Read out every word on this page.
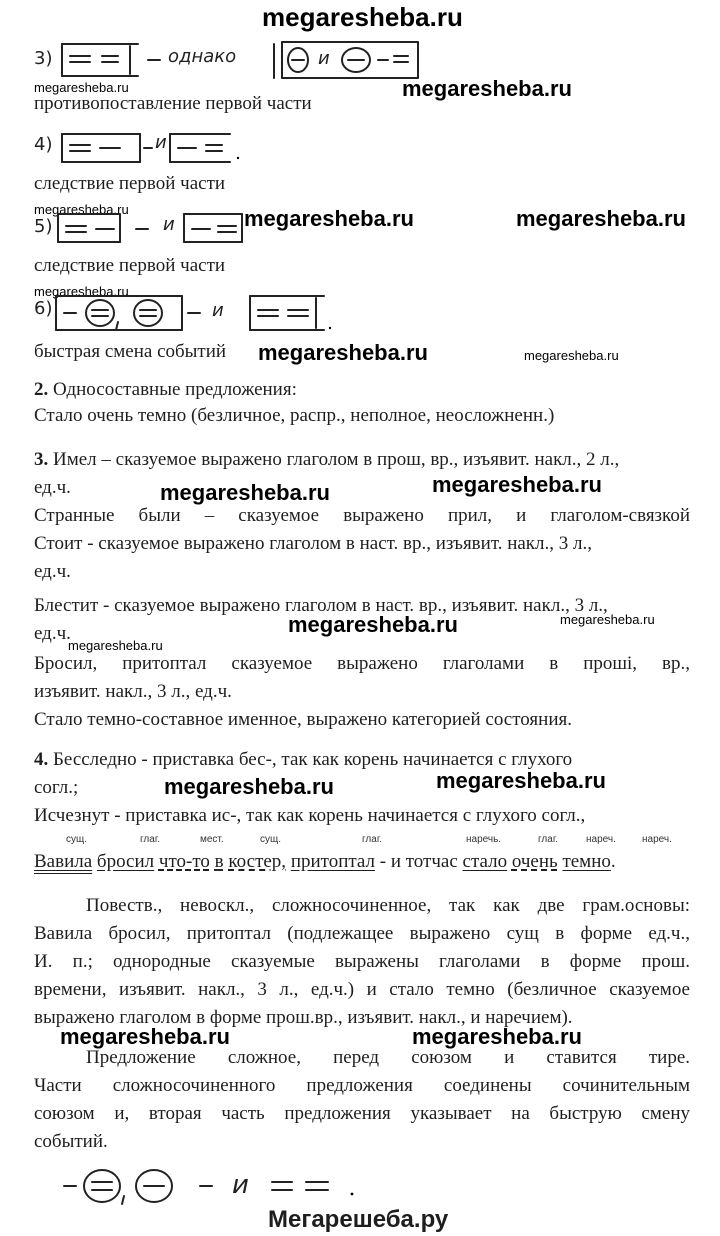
megaresheba.ru
3)	однако	и
megaresheba.ru	megaresheba.ru
противопоставление первой части
4)	и
следствие первой части
megaresheba.ru
5)	и	megaresheba.ru	megaresheba.ru
следствие первой части
megaresheba.ru
6)	и
быстрая смена событий megaresheba.ru	megaresheba.ru
2. Односоставные предложения:
Стало очень темно (безличное, распр., неполное, неосложненн.)
3. Имел – сказуемое выражено глаголом в прош, вр., изъявит. накл., 2 л.,
ед.ч.	megaresheba.ru	megaresheba.ru
Странные были – сказуемое выражено прил, и глаголом-связкой
Стоит - сказуемое выражено глаголом в наст. вр., изъявит. накл., 3 л.,
ед.ч.
Блестит - сказуемое выражено глаголом в наст. вр., изъявит. накл., 3 л.,
ед.ч.
megaresheba.ru
megaresheba.ru	megaresheba.ru
Бросил, притоптал сказуемое выражено глаголами в проші, вр.,
изъявит. накл., 3 л., ед.ч.
Стало темно-составное именное, выражено категорией состояния.
4. Бесследно - приставка бес-, так как корень начинается с глухого
согл.;	megaresheba.ru	megaresheba.ru
Исчезнут - приставка ис-, так как корень начинается с глухого согл.,
сущ.	глаг.	мест.	сущ.	глаг.	наречь.	глаг.	нареч.	нареч.
Вавила бросил что-то в костер, притоптал - и тотчас стало очень темно.
Повеств., невоскл., сложносочиненное, так как две грам.основы:
Вавила бросил, притоптал (подлежащее выражено сущ в форме ед.ч.,
И. п.; однородные сказуемые выражены глаголами в форме прош.
времени, изъявит. накл., 3 л., ед.ч.) и стало темно (безличное сказуемое
выражено глаголом в форме прош.вр., изъявит. накл., и наречием).
megaresheba.ru	megaresheba.ru
Предложение сложное, перед союзом и ставится тире.
Части сложносочиненного предложения соединены сочинительным
союзом и, вторая часть предложения указывает на быструю смену
событий.
и
Мегарешеба.ру
